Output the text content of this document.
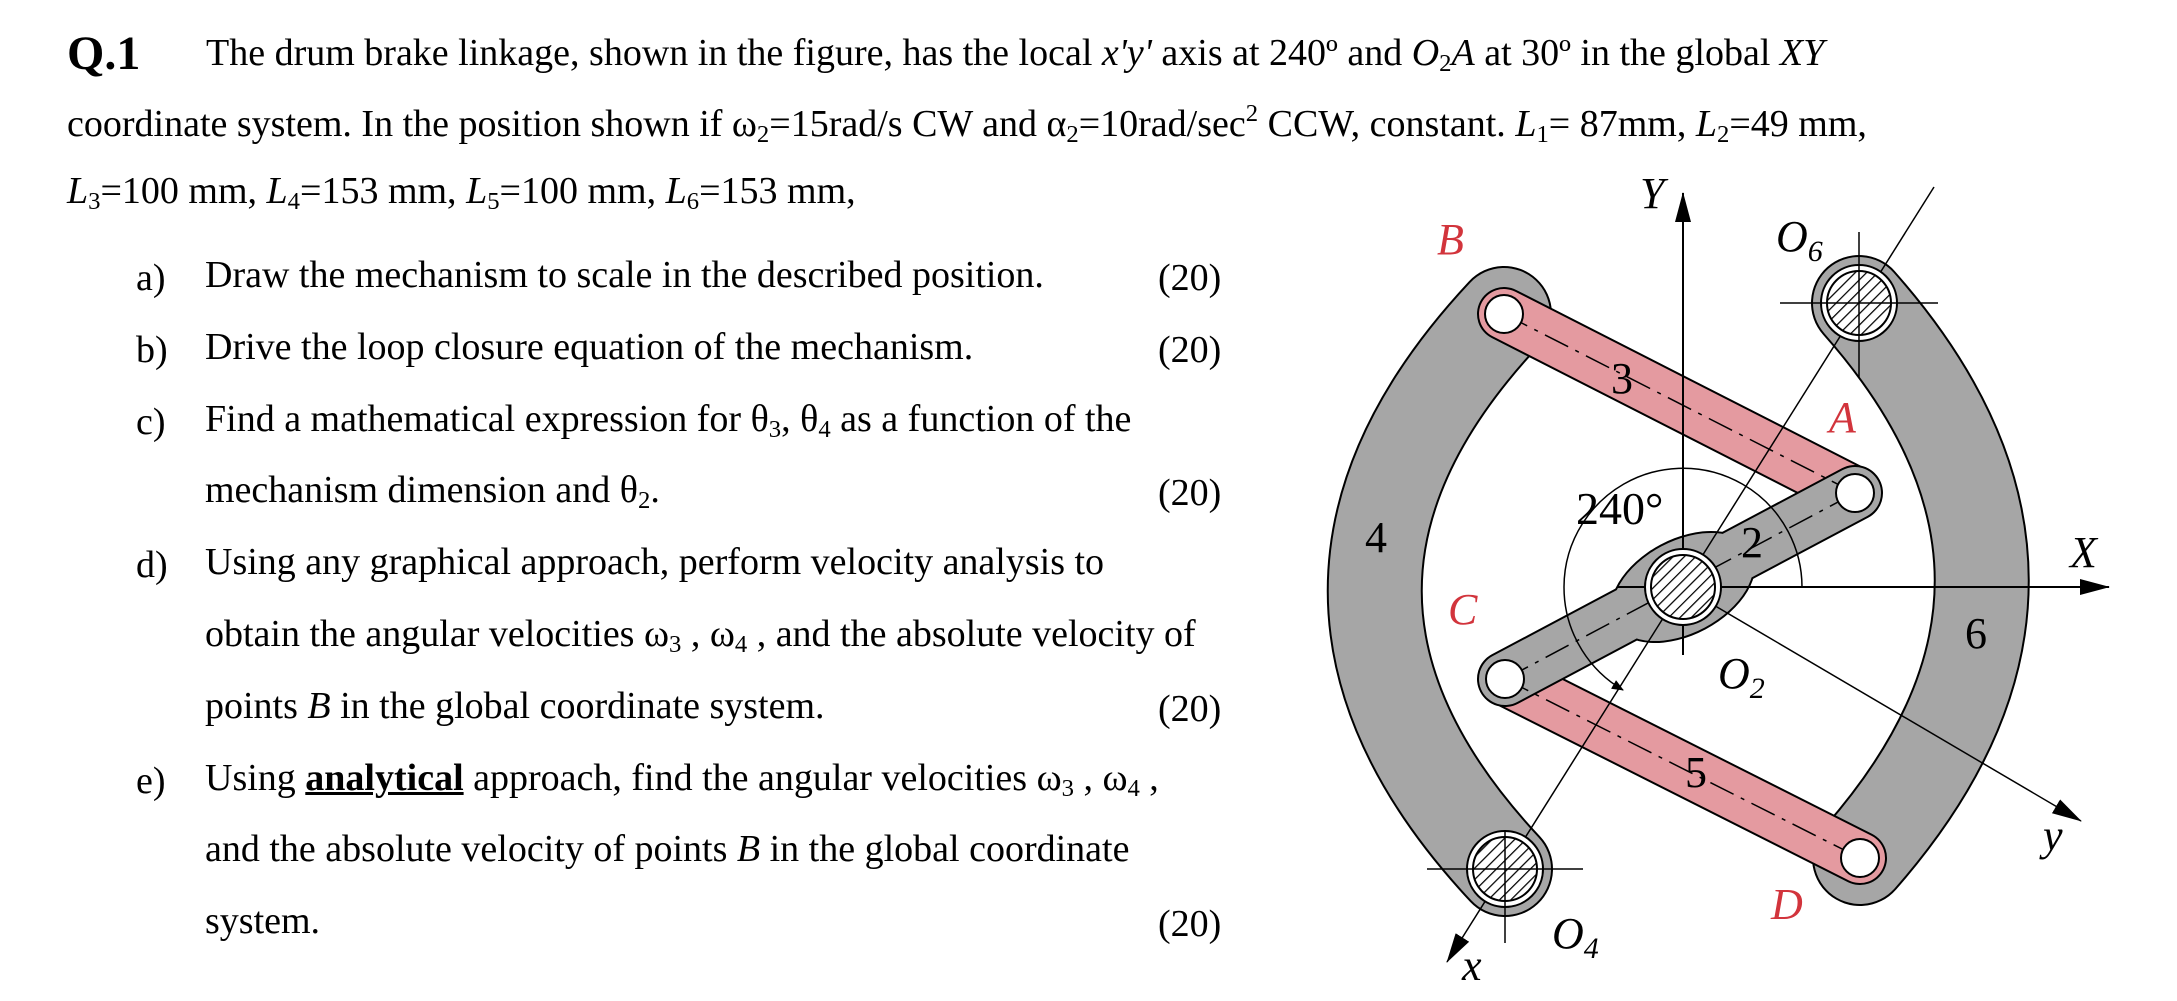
Q.1 The drum brake linkage, shown in the figure, has the local x'y' axis at 240º and $O_2A$ at 30º in the global XY
coordinate system. In the position shown if $\omega_2=15rad/s$ CW and $\alpha_2=10rad/\sec^2$ CCW, constant. $L_1= 87mm$, $L_2=49$ mm,
$L_3=100$ mm, $L_4=153$ mm, $L_5=100$ mm, $L_6=153$ mm,
a) Draw the mechanism to scale in the described position.	(20)
b) Drive the loop closure equation of the mechanism.	(20)
c) Find a mathematical expression for $\theta_3$, $\theta_4$ as a function of the
mechanism dimension and $\theta_2$.	(20)
d) Using any graphical approach, perform velocity analysis to
obtain the angular velocities $\omega_3$ , $\omega_4$ , and the absolute velocity of
points B in the global coordinate system.	(20)
e) Using analytical approach, find the angular velocities $\omega_3$ , $\omega_4$ ,
and the absolute velocity of points B in the global coordinate
system.	(20)
B
A
C
D
$O_6$
$O_2$
$O_4$
X
Y
x
y
240°
2
3
4
5
6
